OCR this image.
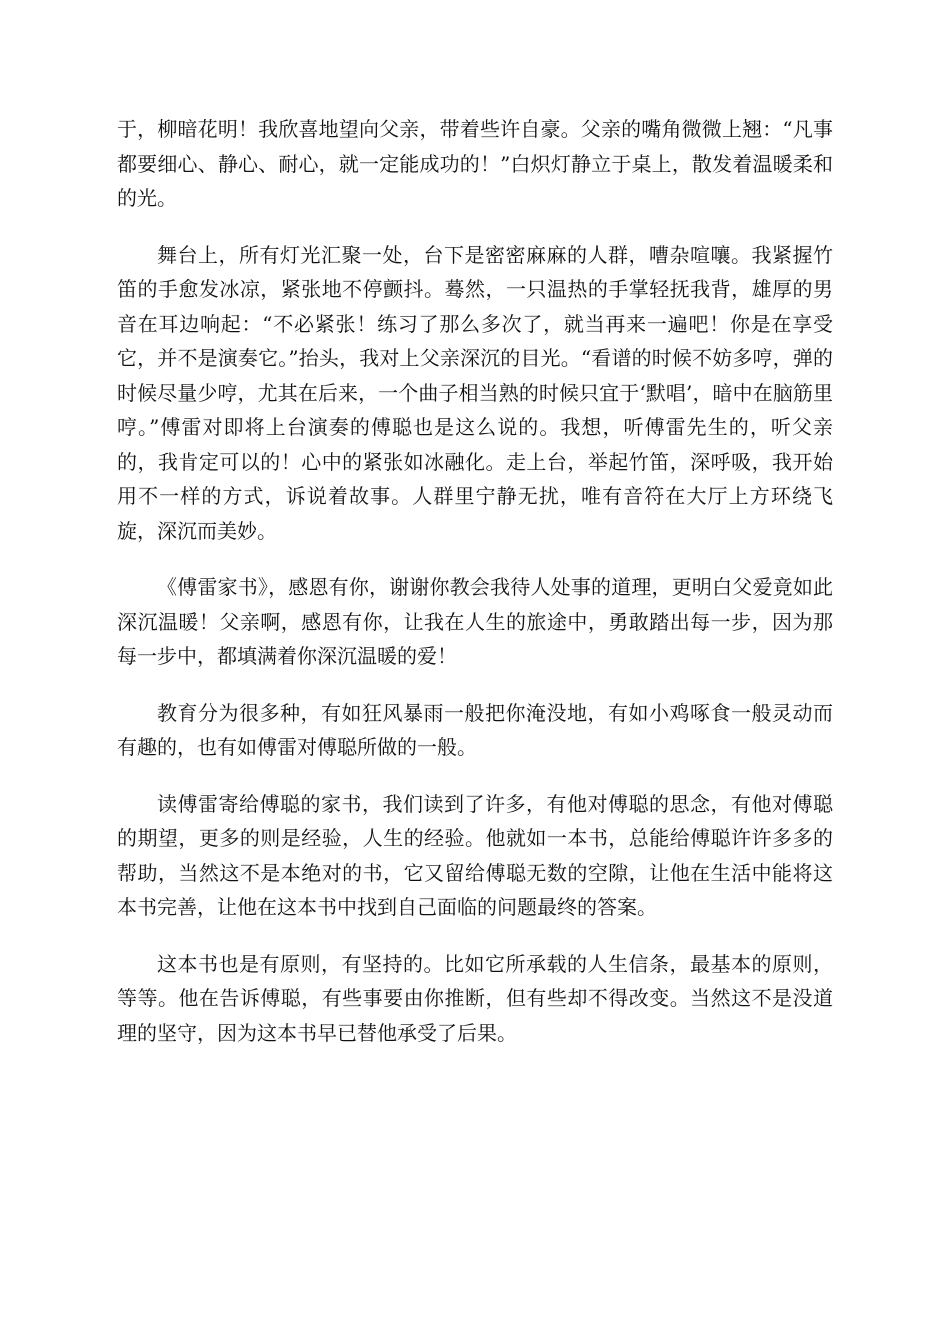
于，柳暗花明！我欣喜地望向父亲，带着些许自豪。父亲的嘴角微微上翘：“凡事都要细心、静心、耐心，就一定能成功的！”白炽灯静立于桌上，散发着温暖柔和的光。

舞台上，所有灯光汇聚一处，台下是密密麻麻的人群，嘈杂喧嚷。我紧握竹笛的手愈发冰凉，紧张地不停颤抖。蓦然，一只温热的手掌轻抚我背，雄厚的男音在耳边响起：“不必紧张！练习了那么多次了，就当再来一遍吧！你是在享受它，并不是演奏它。”抬头，我对上父亲深沉的目光。“看谱的时候不妨多哼，弹的时候尽量少哼，尤其在后来，一个曲子相当熟的时候只宜于‘默唱’，暗中在脑筋里哼。”傅雷对即将上台演奏的傅聪也是这么说的。我想，听傅雷先生的，听父亲的，我肯定可以的！心中的紧张如冰融化。走上台，举起竹笛，深呼吸，我开始用不一样的方式，诉说着故事。人群里宁静无扰，唯有音符在大厅上方环绕飞旋，深沉而美妙。

《傅雷家书》，感恩有你，谢谢你教会我待人处事的道理，更明白父爱竟如此深沉温暖！父亲啊，感恩有你，让我在人生的旅途中，勇敢踏出每一步，因为那每一步中，都填满着你深沉温暖的爱！

教育分为很多种，有如狂风暴雨一般把你淹没地，有如小鸡啄食一般灵动而有趣的，也有如傅雷对傅聪所做的一般。

读傅雷寄给傅聪的家书，我们读到了许多，有他对傅聪的思念，有他对傅聪的期望，更多的则是经验，人生的经验。他就如一本书，总能给傅聪许许多多的帮助，当然这不是本绝对的书，它又留给傅聪无数的空隙，让他在生活中能将这本书完善，让他在这本书中找到自己面临的问题最终的答案。

这本书也是有原则，有坚持的。比如它所承载的人生信条，最基本的原则，等等。他在告诉傅聪，有些事要由你推断，但有些却不得改变。当然这不是没道理的坚守，因为这本书早已替他承受了后果。
